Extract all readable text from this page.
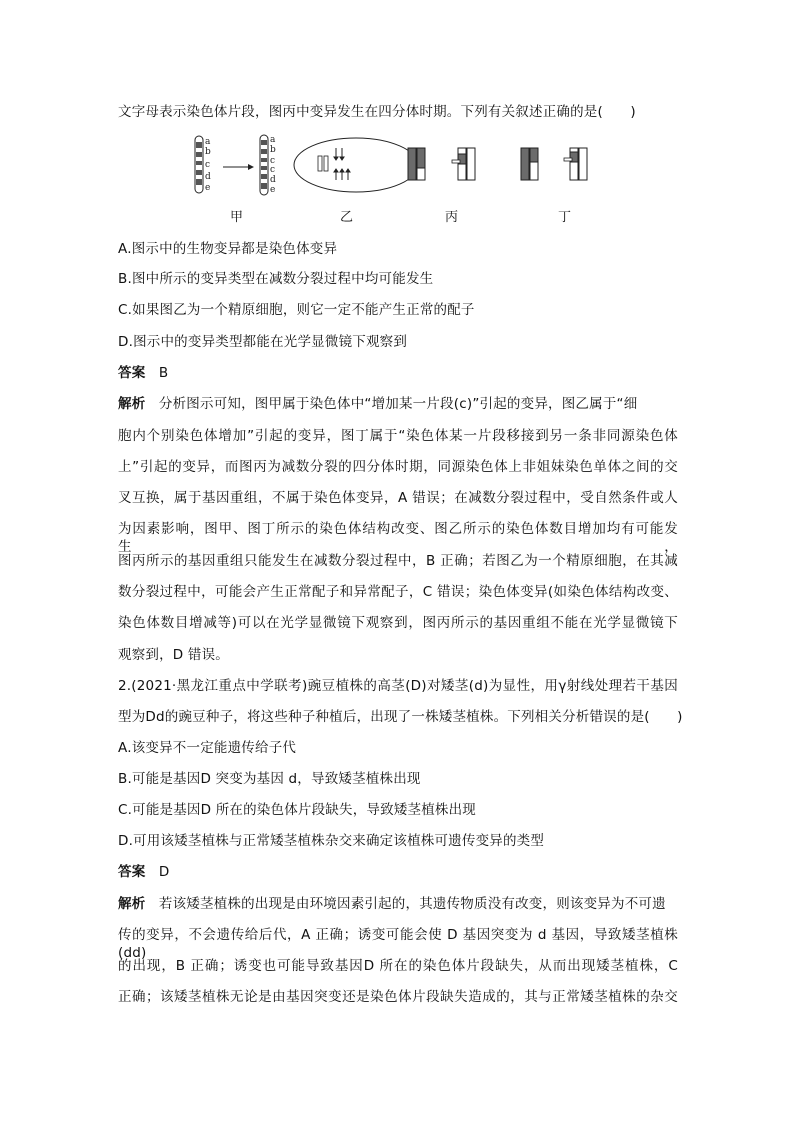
文字母表示染色体片段，图丙中变异发生在四分体时期。下列有关叙述正确的是(　　)
a
b
c
d
e
a
b
c
c
d
e
甲	乙	丙	丁
A.图示中的生物变异都是染色体变异
B.图中所示的变异类型在减数分裂过程中均可能发生
C.如果图乙为一个精原细胞，则它一定不能产生正常的配子
D.图示中的变异类型都能在光学显微镜下观察到
答案 B
解析 分析图示可知，图甲属于染色体中“增加某一片段(c)”引起的变异，图乙属于“细
胞内个别染色体增加”引起的变异，图丁属于“染色体某一片段移接到另一条非同源染色体
上”引起的变异，而图丙为减数分裂的四分体时期，同源染色体上非姐妹染色单体之间的交
叉互换，属于基因重组，不属于染色体变异，A 错误；在减数分裂过程中，受自然条件或人
为因素影响，图甲、图丁所示的染色体结构改变、图乙所示的染色体数目增加均有可能发生，
图丙所示的基因重组只能发生在减数分裂过程中，B 正确；若图乙为一个精原细胞，在其减
数分裂过程中，可能会产生正常配子和异常配子，C 错误；染色体变异(如染色体结构改变、
染色体数目增减等)可以在光学显微镜下观察到，图丙所示的基因重组不能在光学显微镜下
观察到，D 错误。
2.(2021·黑龙江重点中学联考)豌豆植株的高茎(D)对矮茎(d)为显性，用γ射线处理若干基因
型为Dd的豌豆种子，将这些种子种植后，出现了一株矮茎植株。下列相关分析错误的是(　　)
A.该变异不一定能遗传给子代
B.可能是基因D 突变为基因 d，导致矮茎植株出现
C.可能是基因D 所在的染色体片段缺失，导致矮茎植株出现
D.可用该矮茎植株与正常矮茎植株杂交来确定该植株可遗传变异的类型
答案 D
解析 若该矮茎植株的出现是由环境因素引起的，其遗传物质没有改变，则该变异为不可遗
传的变异，不会遗传给后代，A 正确；诱变可能会使 D 基因突变为 d 基因，导致矮茎植株(dd)
的出现，B 正确；诱变也可能导致基因D 所在的染色体片段缺失，从而出现矮茎植株，C
正确；该矮茎植株无论是由基因突变还是染色体片段缺失造成的，其与正常矮茎植株的杂交
